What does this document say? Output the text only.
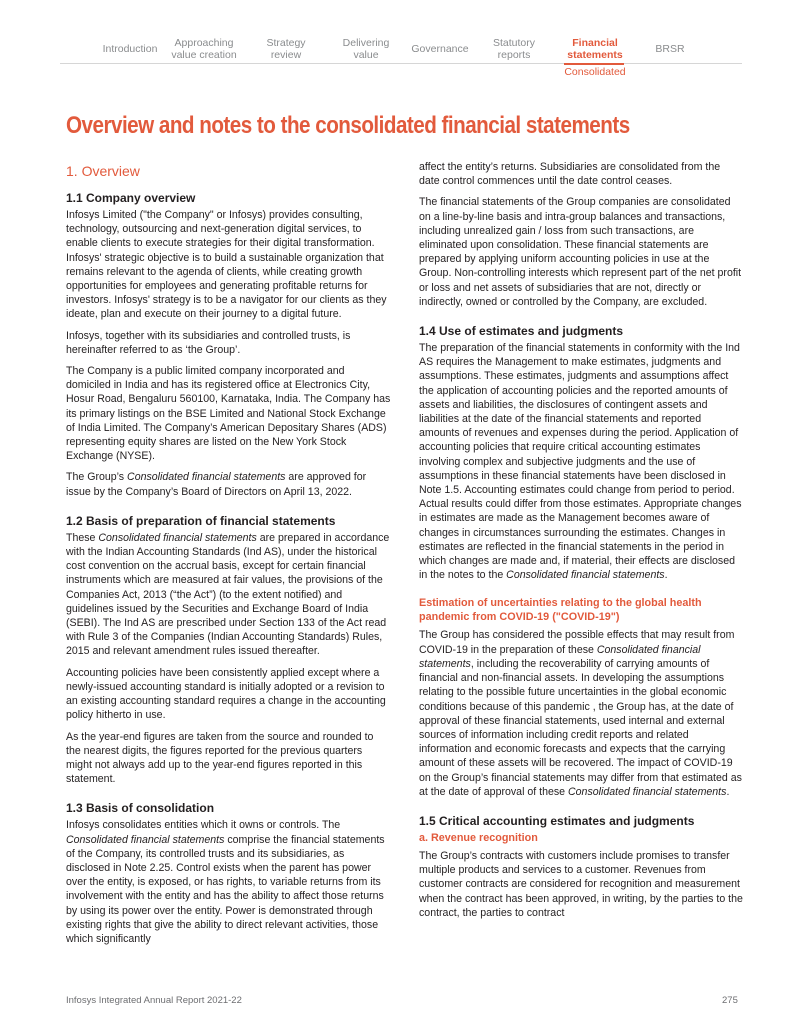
Introduction	Approaching
value creation
Strategy
review
Delivering
value	Governance Statutory
reports
Financial
statements	BRSR
Consolidated
Overview and notes to the consolidated financial statements
1. Overview
1.1 Company overview

Infosys Limited ("the Company" or Infosys) provides consulting, technology, outsourcing and next-generation digital services, to enable clients to execute strategies for their digital transformation. Infosys' strategic objective is to build a sustainable organization that remains relevant to the agenda of clients, while creating growth opportunities for employees and generating profitable returns for investors. Infosys' strategy is to be a navigator for our clients as they ideate, plan and execute on their journey to a digital future.

Infosys, together with its subsidiaries and controlled trusts, is hereinafter referred to as ‘the Group’.

The Company is a public limited company incorporated and domiciled in India and has its registered office at Electronics City, Hosur Road, Bengaluru 560100, Karnataka, India. The Company has its primary listings on the BSE Limited and National Stock Exchange of India Limited. The Company’s American Depositary Shares (ADS) representing equity shares are listed on the New York Stock Exchange (NYSE).

The Group’s Consolidated financial statements are approved for issue by the Company’s Board of Directors on April 13, 2022.

1.2 Basis of preparation of financial statements

These Consolidated financial statements are prepared in accordance with the Indian Accounting Standards (Ind AS), under the historical cost convention on the accrual basis, except for certain financial instruments which are measured at fair values, the provisions of the Companies Act, 2013 (“the Act”) (to the extent notified) and guidelines issued by the Securities and Exchange Board of India (SEBI). The Ind AS are prescribed under Section 133 of the Act read with Rule 3 of the Companies (Indian Accounting Standards) Rules, 2015 and relevant amendment rules issued thereafter.

Accounting policies have been consistently applied except where a newly-issued accounting standard is initially adopted or a revision to an existing accounting standard requires a change in the accounting policy hitherto in use.

As the year-end figures are taken from the source and rounded to the nearest digits, the figures reported for the previous quarters might not always add up to the year-end figures reported in this statement.

1.3 Basis of consolidation

Infosys consolidates entities which it owns or controls. The Consolidated financial statements comprise the financial statements of the Company, its controlled trusts and its subsidiaries, as disclosed in Note 2.25. Control exists when the parent has power over the entity, is exposed, or has rights, to variable returns from its involvement with the entity and has the ability to affect those returns by using its power over the entity. Power is demonstrated through existing rights that give the ability to direct relevant activities, those which significantly

affect the entity’s returns. Subsidiaries are consolidated from the date control commences until the date control ceases.

The financial statements of the Group companies are consolidated on a line-by-line basis and intra-group balances and transactions, including unrealized gain / loss from such transactions, are eliminated upon consolidation. These financial statements are prepared by applying uniform accounting policies in use at the Group. Non-controlling interests which represent part of the net profit or loss and net assets of subsidiaries that are not, directly or indirectly, owned or controlled by the Company, are excluded.

1.4 Use of estimates and judgments

The preparation of the financial statements in conformity with the Ind AS requires the Management to make estimates, judgments and assumptions. These estimates, judgments and assumptions affect the application of accounting policies and the reported amounts of assets and liabilities, the disclosures of contingent assets and liabilities at the date of the financial statements and reported amounts of revenues and expenses during the period. Application of accounting policies that require critical accounting estimates involving complex and subjective judgments and the use of assumptions in these financial statements have been disclosed in Note 1.5. Accounting estimates could change from period to period. Actual results could differ from those estimates. Appropriate changes in estimates are made as the Management becomes aware of changes in circumstances surrounding the estimates. Changes in estimates are reflected in the financial statements in the period in which changes are made and, if material, their effects are disclosed in the notes to the Consolidated financial statements.

Estimation of uncertainties relating to the global health pandemic from COVID-19 ("COVID-19")

The Group has considered the possible effects that may result from COVID-19 in the preparation of these Consolidated financial statements, including the recoverability of carrying amounts of financial and non-financial assets. In developing the assumptions relating to the possible future uncertainties in the global economic conditions because of this pandemic , the Group has, at the date of approval of these financial statements, used internal and external sources of information including credit reports and related information and economic forecasts and expects that the carrying amount of these assets will be recovered. The impact of COVID-19 on the Group’s financial statements may differ from that estimated as at the date of approval of these Consolidated financial statements.

1.5 Critical accounting estimates and judgments
a. Revenue recognition

The Group’s contracts with customers include promises to transfer multiple products and services to a customer. Revenues from customer contracts are considered for recognition and measurement when the contract has been approved, in writing, by the parties to the contract, the parties to contract

Infosys Integrated Annual Report 2021-22	275
